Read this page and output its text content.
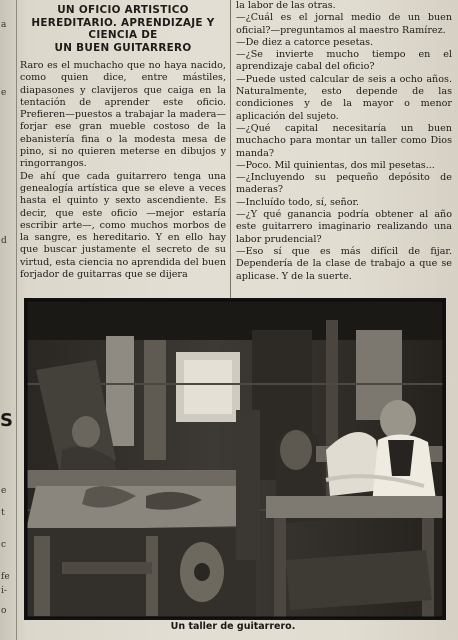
a
e
d
S
e
t
c
fe
i-
o
UN OFICIO ARTISTICO
HEREDITARIO. APRENDIZAJE Y CIENCIA DE
UN BUEN GUITARRERO

Raro es el muchacho que no haya nacido, como quien dice, entre mástiles, diapasones y clavijeros que caiga en la tentación de aprender este oficio. Prefieren—puestos a trabajar la madera—forjar ese gran mueble costoso de la ebanistería fina o la modesta mesa de pino, si no quieren meterse en dibujos y ringorrangos.
De ahí que cada guitarrero tenga una genealogía artística que se eleve a veces hasta el quinto y sexto ascendiente. Es decir, que este oficio —mejor estaría escribir arte—, como muchos morbos de la sangre, es hereditario. Y en ello hay que buscar justamente el secreto de su virtud, esta ciencia no aprendida del buen forjador de guitarras que se dijera

la labor de las otras.
—¿Cuál es el jornal medio de un buen oficial?—preguntamos al maestro Ramírez.
—De diez a catorce pesetas.
—¿Se invierte mucho tiempo en el aprendizaje cabal del oficio?
—Puede usted calcular de seis a ocho años. Naturalmente, esto depende de las condiciones y de la mayor o menor aplicación del sujeto.
—¿Qué capital necesitaría un buen muchacho para montar un taller como Dios manda?
—Poco. Mil quinientas, dos mil pesetas...
—¿Incluyendo su pequeño depósito de maderas?
—Incluído todo, sí, señor.
—¿Y qué ganancia podría obtener al año este guitarrero imaginario realizando una labor prudencial?
—Eso sí que es más difícil de fijar. Dependería de la clase de trabajo a que se aplicase. Y de la suerte.

Un taller de guitarrero.
